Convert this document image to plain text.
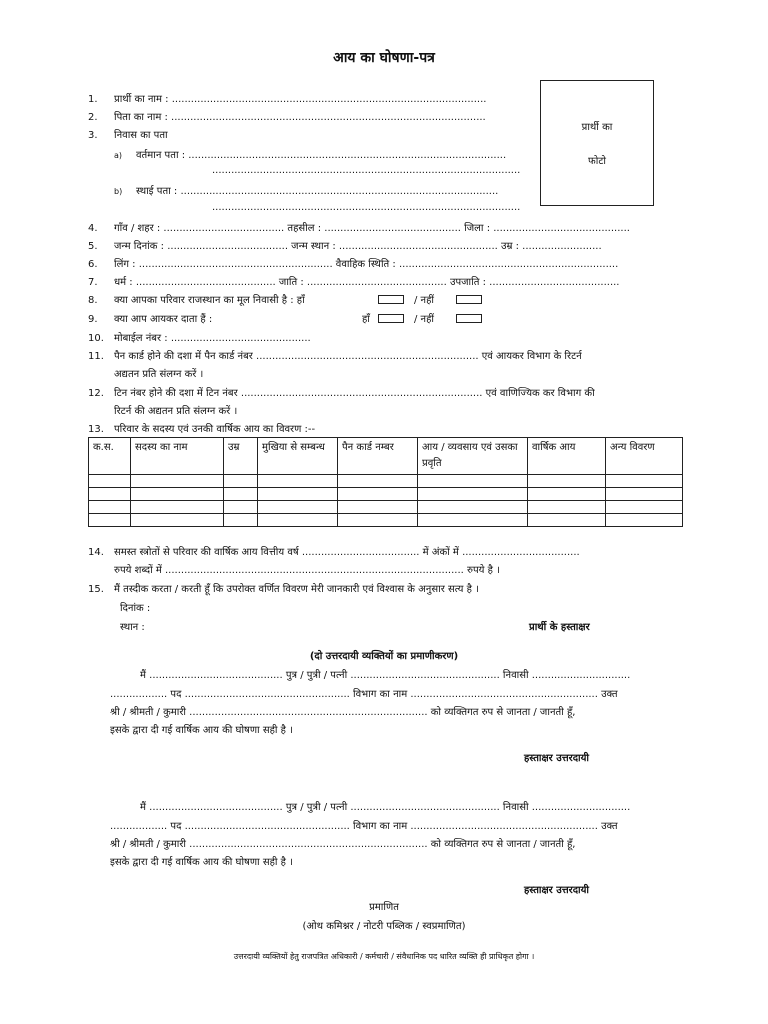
आय का घोषणा-पत्र
प्रार्थी का
फोटो
1. प्रार्थी का नाम : ...................................................................................................
2. पिता का नाम : ...................................................................................................
3. निवास का पता
a) वर्तमान पता : ....................................................................................................
.................................................................................................
b) स्थाई पता : ....................................................................................................
.................................................................................................
4. गाँव / शहर : ...................................... तहसील : ........................................... जिला : ...........................................
5. जन्म दिनांक : ...................................... जन्म स्थान : .................................................. उम्र : .........................
6. लिंग : ............................................................. वैवाहिक स्थिति : .....................................................................
7. धर्म : ............................................ जाति : ............................................ उपजाति : .........................................
8. क्या आपका परिवार राजस्थान का मूल निवासी है : हाँ	/ नहीं
9. क्या आप आयकर दाता हैं :	हाँ	/ नहीं
10. मोबाईल नंबर : ............................................
11. पैन कार्ड होने की दशा में पैन कार्ड नंबर ...................................................................... एवं आयकर विभाग के रिटर्न
अद्यतन प्रति संलग्न करें ।
12. टिन नंबर होने की दशा में टिन नंबर ............................................................................ एवं वाणिज्यिक कर विभाग की
रिटर्न की अद्यतन प्रति संलग्न करें ।
13. परिवार के सदस्य एवं उनकी वार्षिक आय का विवरण :--
क.स.	सदस्य का नाम	उम्र	मुखिया से सम्बन्ध	पैन कार्ड नम्बर	आय / व्यवसाय एवं उसका प्रवृति	वार्षिक आय	अन्य विवरण

14. समस्त स्त्रोतों से परिवार की वार्षिक आय वित्तीय वर्ष ..................................... में अंकों में .....................................
रुपये शब्दों में .............................................................................................. रुपये है ।
15. मैं तस्दीक करता / करती हूँ कि उपरोक्त वर्णित विवरण मेरी जानकारी एवं विश्वास के अनुसार सत्य है ।
दिनांक :
स्थान :	प्रार्थी के हस्ताक्षर
(दो उत्तरदायी व्यक्तियों का प्रमाणीकरण)
मैं .......................................... पुत्र / पुत्री / पत्नी ............................................... निवासी ...............................
.................. पद .................................................... विभाग का नाम ........................................................... उक्त
श्री / श्रीमती / कुमारी ........................................................................... को व्यक्तिगत रुप से जानता / जानती हूँ,
इसके द्वारा दी गई वार्षिक आय की घोषणा सही है ।
हस्ताक्षर उत्तरदायी
मैं .......................................... पुत्र / पुत्री / पत्नी ............................................... निवासी ...............................
.................. पद .................................................... विभाग का नाम ........................................................... उक्त
श्री / श्रीमती / कुमारी ........................................................................... को व्यक्तिगत रुप से जानता / जानती हूँ,
इसके द्वारा दी गई वार्षिक आय की घोषणा सही है ।
हस्ताक्षर उत्तरदायी
प्रमाणित
(ओथ कमिश्नर / नोटरी पब्लिक / स्वप्रमाणित)
उत्तरदायी व्यक्तियों हेतु राजपत्रित अधिकारी / कर्मचारी / संवैधानिक पद धारित व्यक्ति ही प्राधिकृत होगा ।
